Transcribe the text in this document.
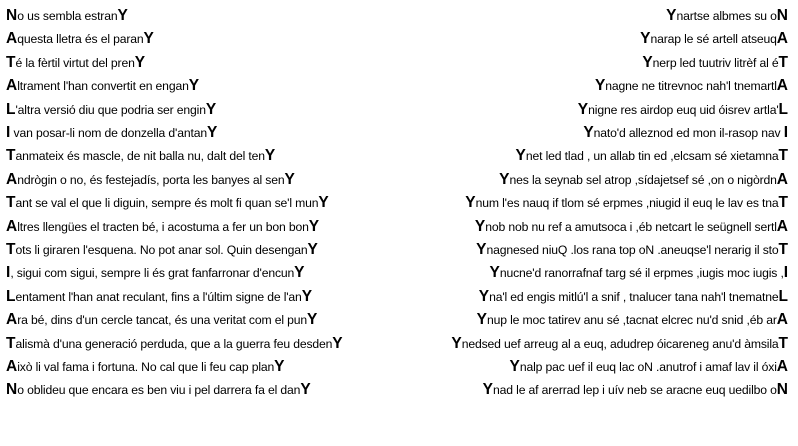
No us sembla estranY
Aquesta lletra és el paranY
Té la fèrtil virtut del prenY
Altrament l'han convertit en enganY
L'altra versió diu que podria ser enginY
I van posar-li nom de donzella d'antanY
Tanmateix és mascle, de nit balla nu, dalt del tenY
Andrògin o no, és festejadís, porta les banyes al senY
Tant se val el que li diguin, sempre és molt fi quan se'l munY
Altres llengües el tracten bé, i acostuma a fer un bon bonY
Tots li giraren l'esquena. No pot anar sol. Quin desenganY
I, sigui com sigui, sempre li és grat fanfarronar d'encunY
Lentament l'han anat reculant, fins a l'últim signe de l'anY
Ara bé, dins d'un cercle tancat, és una veritat com el punY
Talismà d'una generació perduda, que a la guerra feu desdenY
Això li val fama i fortuna. No cal que li feu cap planY
No oblideu que encara es ben viu i pel darrera fa el danY
Ynartse albmes su oN
Ynarap le sé artell atseuqA
Ynerp led tuutriv litrèf al éT
Ynagne ne titrevnoc nah'l tnemartlA
Ynigne res airdop euq uid óisrev artla'L
Ynato'd alleznod ed mon il-rasop nav I
Ynet led tlad , un allab tin ed ,elcsam sé xietamnaT
Ynes la seynab sel atrop ,sídajetsef sé ,on o nigòrdnA
Ynum l'es nauq if tlom sé erpmes ,niugid il euq le lav es tnaT
Ynob nob nu ref a amutsoca i ,éb netcart le seügnell sertlA
Ynagnesed niuQ .los rana top oN .aneuqse'l nerarig il stoT
Ynucne'd ranorrafnaf targ sé il erpmes ,iugis moc iugis ,I
Yna'l ed engis mitlú'l a snif , tnalucer tana nah'l tnematneL
Ynup le moc tatirev anu sé ,tacnat elcrec nu'd snid ,éb arA
Ynedsed uef arreug al a euq, adudrep óicareneg anu'd àmsilaT
Ynalp pac uef il euq lac oN .anutrof i amaf lav il óxiA
Ynad le af arerrad lep i uív neb se aracne euq uedilbo oN
